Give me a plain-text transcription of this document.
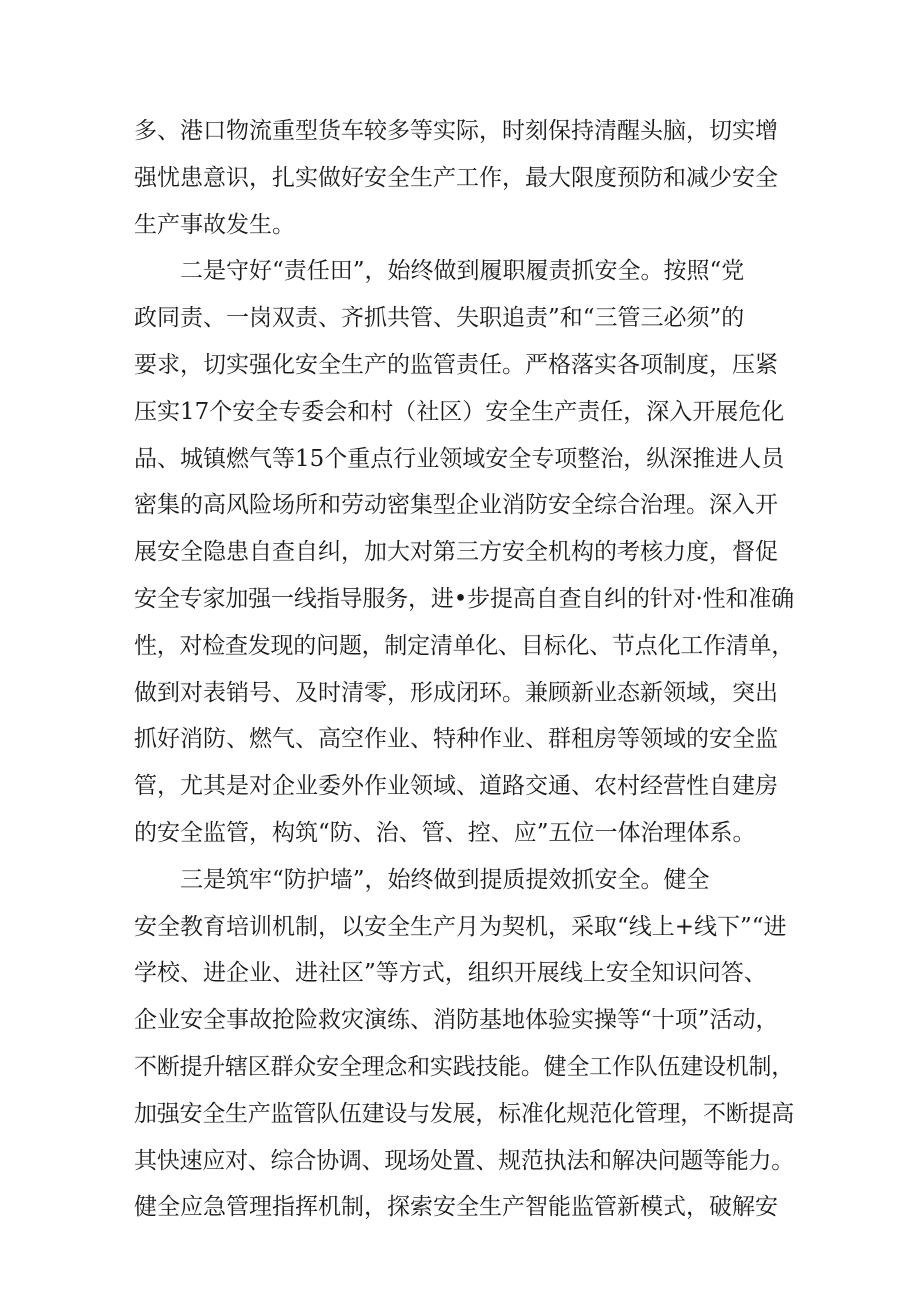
多、港口物流重型货车较多等实际，时刻保持清醒头脑，切实增
强忧患意识，扎实做好安全生产工作，最大限度预防和减少安全
生产事故发生。
二是守好“责任田”，始终做到履职履责抓安全。按照“党
政同责、一岗双责、齐抓共管、失职追责”和“三管三必须”的
要求，切实强化安全生产的监管责任。严格落实各项制度，压紧
压实17个安全专委会和村（社区）安全生产责任，深入开展危化
品、城镇燃气等15个重点行业领域安全专项整治，纵深推进人员
密集的高风险场所和劳动密集型企业消防安全综合治理。深入开
展安全隐患自查自纠，加大对第三方安全机构的考核力度，督促
安全专家加强一线指导服务，进•步提高自查自纠的针对·性和准确
性，对检查发现的问题，制定清单化、目标化、节点化工作清单，
做到对表销号、及时清零，形成闭环。兼顾新业态新领域，突出
抓好消防、燃气、高空作业、特种作业、群租房等领域的安全监
管，尤其是对企业委外作业领域、道路交通、农村经营性自建房
的安全监管，构筑“防、治、管、控、应”五位一体治理体系。
三是筑牢“防护墙”，始终做到提质提效抓安全。健全
安全教育培训机制，以安全生产月为契机，采取“线上+线下”“进
学校、进企业、进社区”等方式，组织开展线上安全知识问答、
企业安全事故抢险救灾演练、消防基地体验实操等“十项”活动，
不断提升辖区群众安全理念和实践技能。健全工作队伍建设机制，
加强安全生产监管队伍建设与发展，标准化规范化管理，不断提高
其快速应对、综合协调、现场处置、规范执法和解决问题等能力。
健全应急管理指挥机制，探索安全生产智能监管新模式，破解安
